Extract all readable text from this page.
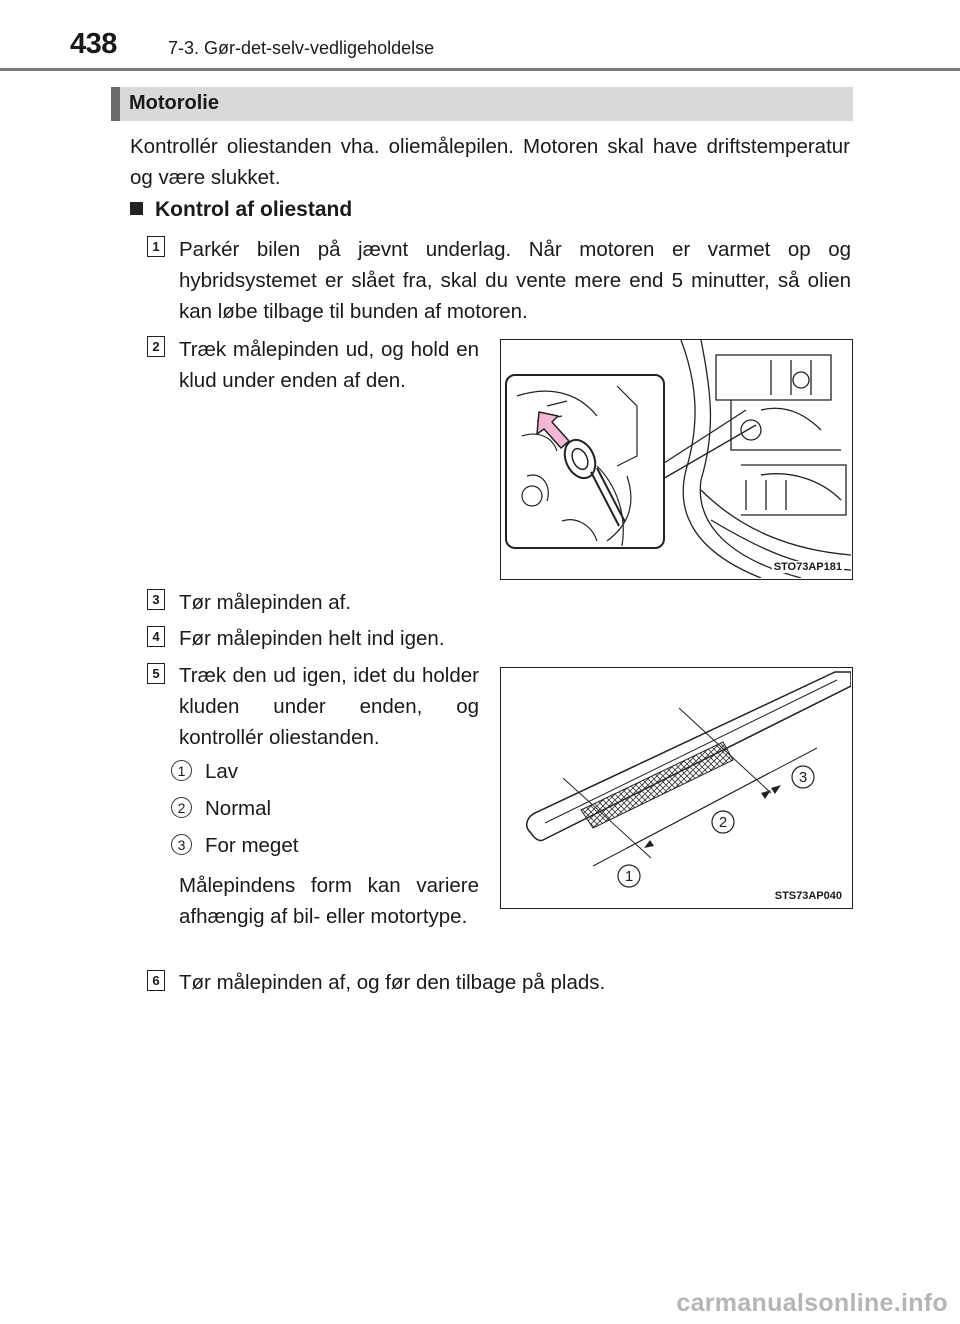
438	7-3. Gør-det-selv-vedligeholdelse
Motorolie
Kontrollér oliestanden vha. oliemålepilen. Motoren skal have driftstemperatur og være slukket.
Kontrol af oliestand
1 Parkér bilen på jævnt underlag. Når motoren er varmet op og hybridsystemet er slået fra, skal du vente mere end 5 minutter, så olien kan løbe tilbage til bunden af motoren.
2 Træk målepinden ud, og hold en klud under enden af den.
STO73AP181
3 Tør målepinden af.
4 Før målepinden helt ind igen.
5 Træk den ud igen, idet du holder kluden under enden, og kontrollér oliestanden.
1 Lav
2 Normal
3 For meget
Målepindens form kan variere afhængig af bil- eller motortype.
1
2
3
STS73AP040
6 Tør målepinden af, og før den tilbage på plads.
carmanualsonline.info
